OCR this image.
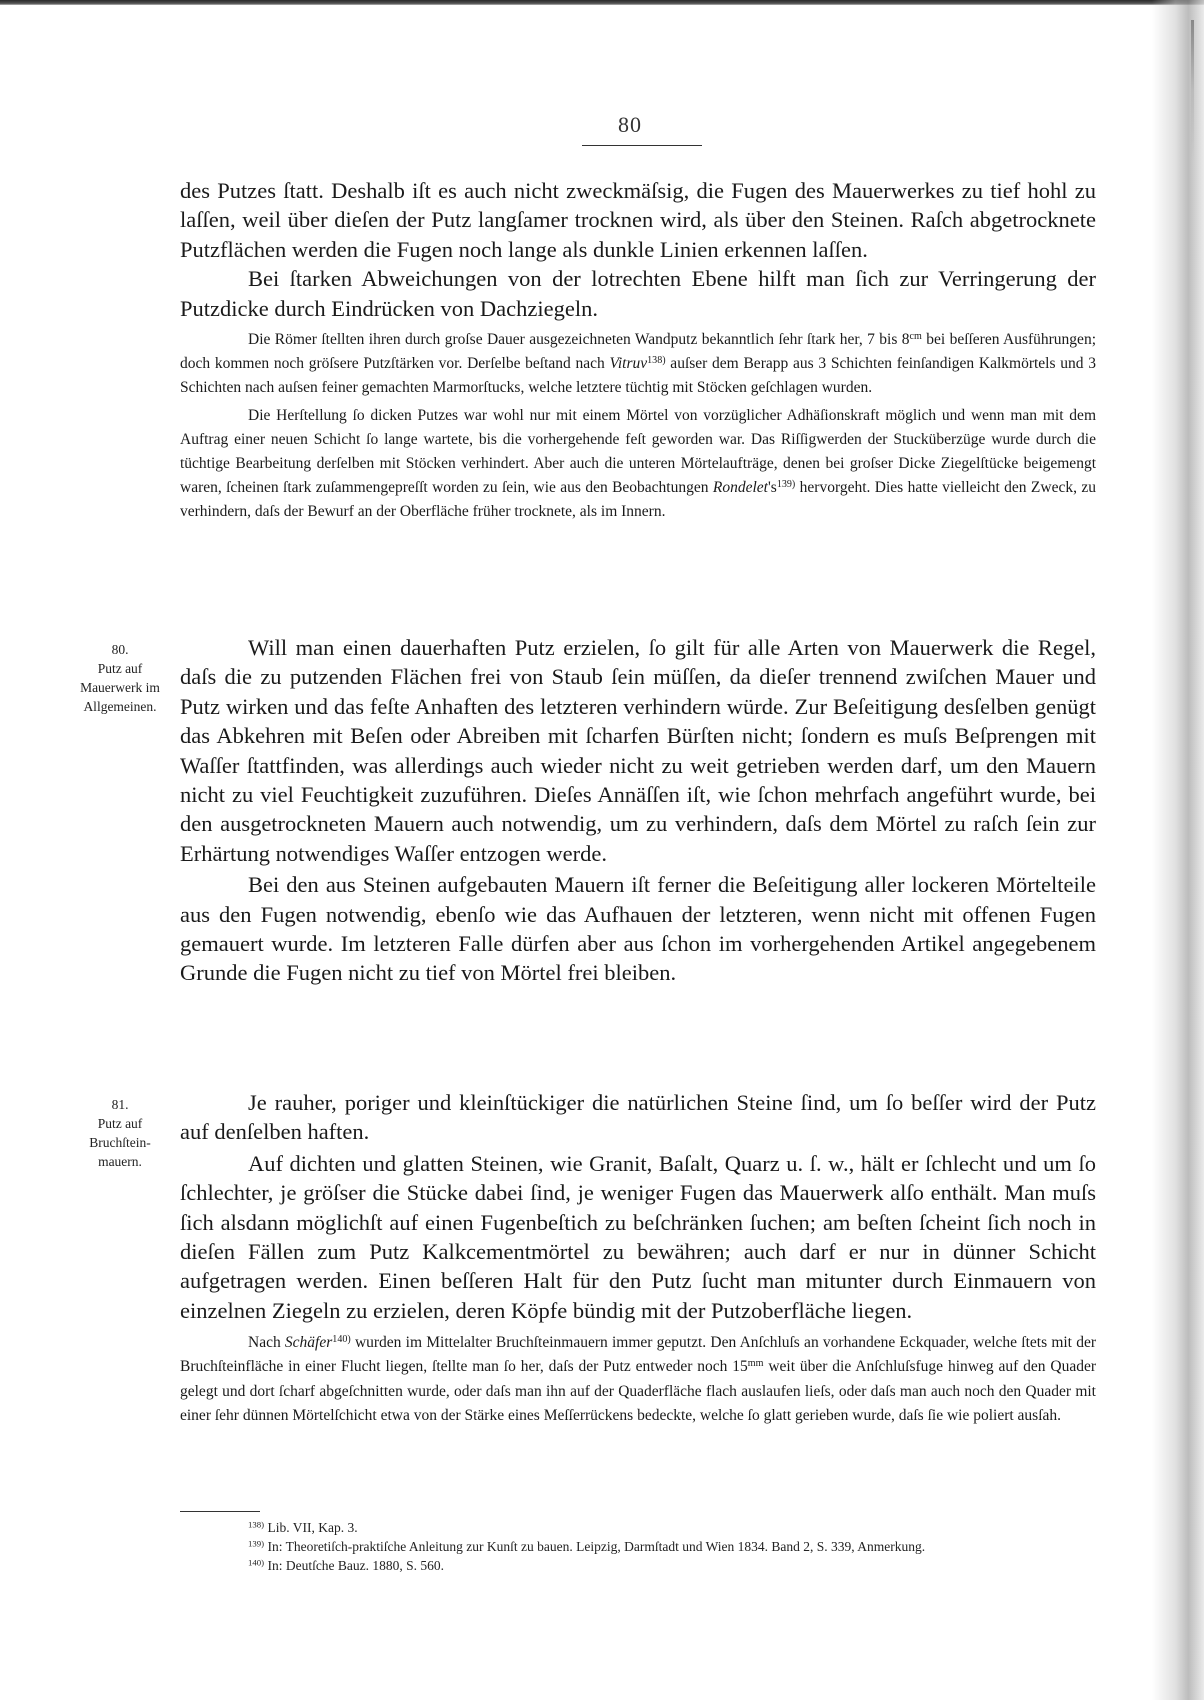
80

des Putzes ſtatt. Deshalb iſt es auch nicht zweckmäſsig, die Fugen des Mauerwerkes zu tief hohl zu laſſen, weil über dieſen der Putz langſamer trocknen wird, als über den Steinen. Raſch abgetrocknete Putzflächen werden die Fugen noch lange als dunkle Linien erkennen laſſen.

Bei ſtarken Abweichungen von der lotrechten Ebene hilft man ſich zur Verringerung der Putzdicke durch Eindrücken von Dachziegeln.

Die Römer ſtellten ihren durch groſse Dauer ausgezeichneten Wandputz bekanntlich ſehr ſtark her, 7 bis $8^{cm}$ bei beſſeren Ausführungen; doch kommen noch gröſsere Putzſtärken vor. Derſelbe beſtand nach Vitruv$^{138)}$ auſser dem Berapp aus 3 Schichten feinſandigen Kalkmörtels und 3 Schichten nach auſsen feiner gemachten Marmorſtucks, welche letztere tüchtig mit Stöcken geſchlagen wurden.

Die Herſtellung ſo dicken Putzes war wohl nur mit einem Mörtel von vorzüglicher Adhäſionskraft möglich und wenn man mit dem Auftrag einer neuen Schicht ſo lange wartete, bis die vorhergehende feſt geworden war. Das Riſſigwerden der Stucküberzüge wurde durch die tüchtige Bearbeitung derſelben mit Stöcken verhindert. Aber auch die unteren Mörtelaufträge, denen bei groſser Dicke Ziegelſtücke beigemengt waren, ſcheinen ſtark zuſammengepreſſt worden zu ſein, wie aus den Beobachtungen $Rondelet's^{139)}$ hervorgeht. Dies hatte vielleicht den Zweck, zu verhindern, daſs der Bewurf an der Oberfläche früher trocknete, als im Innern.

Will man einen dauerhaften Putz erzielen, ſo gilt für alle Arten von Mauerwerk die Regel, daſs die zu putzenden Flächen frei von Staub ſein müſſen, da dieſer trennend zwiſchen Mauer und Putz wirken und das feſte Anhaften des letzteren verhindern würde. Zur Beſeitigung desſelben genügt das Abkehren mit Beſen oder Abreiben mit ſcharfen Bürſten nicht; ſondern es muſs Beſprengen mit Waſſer ſtattfinden, was allerdings auch wieder nicht zu weit getrieben werden darf, um den Mauern nicht zu viel Feuchtigkeit zuzuführen. Dieſes Annäſſen iſt, wie ſchon mehrfach angeführt wurde, bei den ausgetrockneten Mauern auch notwendig, um zu verhindern, daſs dem Mörtel zu raſch ſein zur Erhärtung notwendiges Waſſer entzogen werde.

Bei den aus Steinen aufgebauten Mauern iſt ferner die Beſeitigung aller lockeren Mörtelteile aus den Fugen notwendig, ebenſo wie das Aufhauen der letzteren, wenn nicht mit offenen Fugen gemauert wurde. Im letzteren Falle dürfen aber aus ſchon im vorhergehenden Artikel angegebenem Grunde die Fugen nicht zu tief von Mörtel frei bleiben.

80.
Putz auf
Mauerwerk im
Allgemeinen.

Je rauher, poriger und kleinſtückiger die natürlichen Steine ſind, um ſo beſſer wird der Putz auf denſelben haften.

Auf dichten und glatten Steinen, wie Granit, Baſalt, Quarz u. ſ. w., hält er ſchlecht und um ſo ſchlechter, je gröſser die Stücke dabei ſind, je weniger Fugen das Mauerwerk alſo enthält. Man muſs ſich alsdann möglichſt auf einen Fugenbeſtich zu beſchränken ſuchen; am beſten ſcheint ſich noch in dieſen Fällen zum Putz Kalkcementmörtel zu bewähren; auch darf er nur in dünner Schicht aufgetragen werden. Einen beſſeren Halt für den Putz ſucht man mitunter durch Einmauern von einzelnen Ziegeln zu erzielen, deren Köpfe bündig mit der Putzoberfläche liegen.

Nach Schäfer$^{140)}$ wurden im Mittelalter Bruchſteinmauern immer geputzt. Den Anſchluſs an vorhandene Eckquader, welche ſtets mit der Bruchſteinfläche in einer Flucht liegen, ſtellte man ſo her, daſs der Putz entweder noch $15^{mm}$ weit über die Anſchluſsfuge hinweg auf den Quader gelegt und dort ſcharf abgeſchnitten wurde, oder daſs man ihn auf der Quaderfläche flach auslaufen lieſs, oder daſs man auch noch den Quader mit einer ſehr dünnen Mörtelſchicht etwa von der Stärke eines Meſſerrückens bedeckte, welche ſo glatt gerieben wurde, daſs ſie wie poliert ausſah.

81.
Putz auf
Bruchſtein-
mauern.

$^{138)}$ Lib. VII, Kap. 3.

$^{139)}$ In: Theoretiſch-praktiſche Anleitung zur Kunſt zu bauen. Leipzig, Darmſtadt und Wien 1834. Band 2, S. 339, Anmerkung.

$^{140)}$ In: Deutſche Bauz. 1880, S. 560.
